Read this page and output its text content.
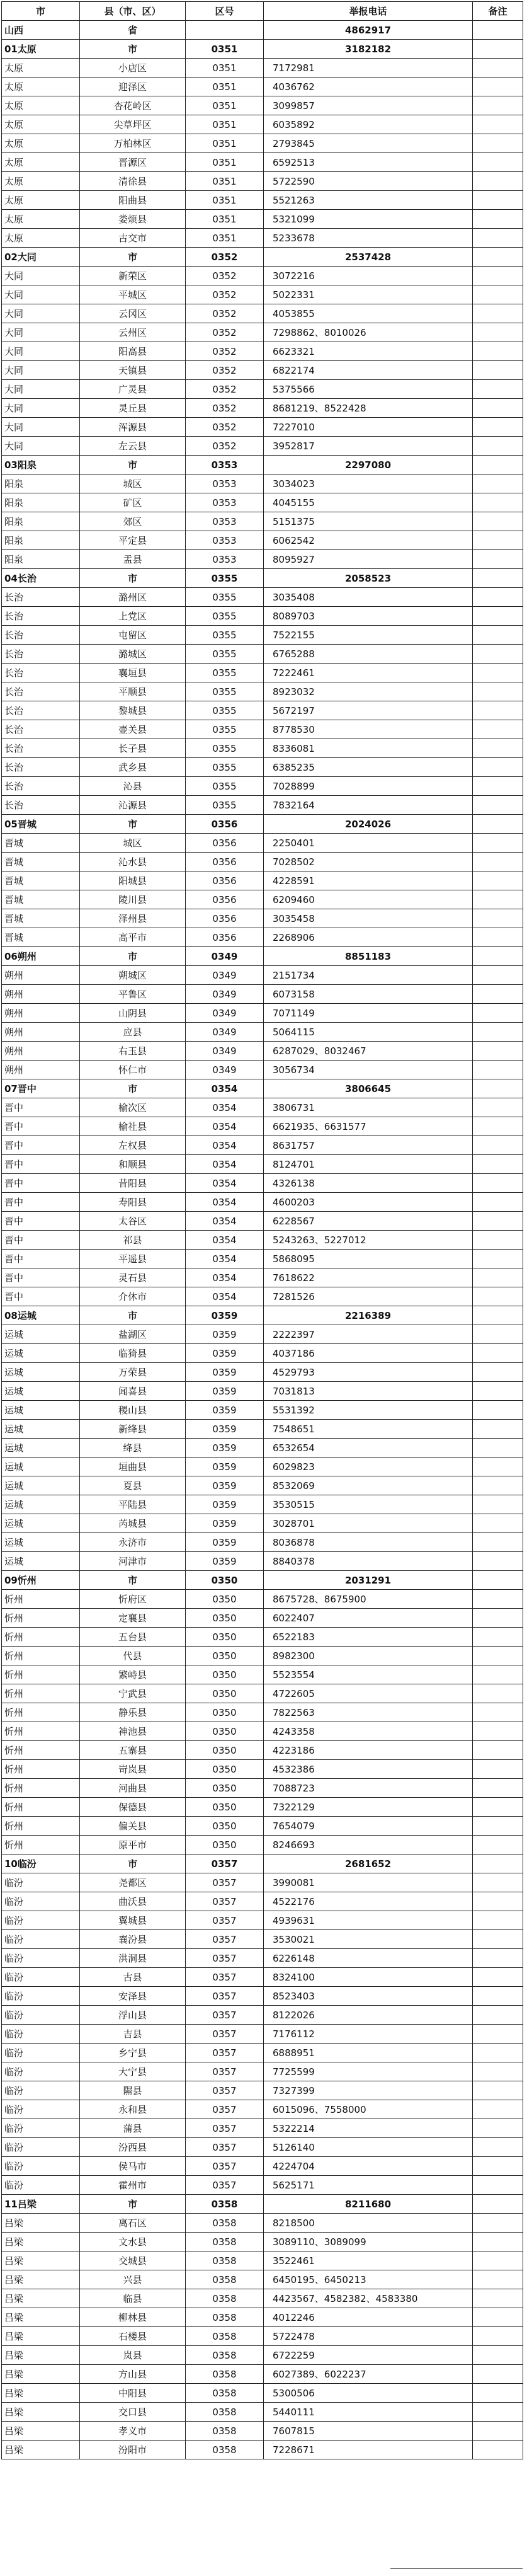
市	县（市、区）	区号	举报电话	备注
山西	省		4862917	
01太原	市	0351	3182182	
太原	小店区	0351	7172981	
太原	迎泽区	0351	4036762	
太原	杏花岭区	0351	3099857	
太原	尖草坪区	0351	6035892	
太原	万柏林区	0351	2793845	
太原	晋源区	0351	6592513	
太原	清徐县	0351	5722590	
太原	阳曲县	0351	5521263	
太原	娄烦县	0351	5321099	
太原	古交市	0351	5233678	
02大同	市	0352	2537428	
大同	新荣区	0352	3072216	
大同	平城区	0352	5022331	
大同	云冈区	0352	4053855	
大同	云州区	0352	7298862、8010026	
大同	阳高县	0352	6623321	
大同	天镇县	0352	6822174	
大同	广灵县	0352	5375566	
大同	灵丘县	0352	8681219、8522428	
大同	浑源县	0352	7227010	
大同	左云县	0352	3952817	
03阳泉	市	0353	2297080	
阳泉	城区	0353	3034023	
阳泉	矿区	0353	4045155	
阳泉	郊区	0353	5151375	
阳泉	平定县	0353	6062542	
阳泉	盂县	0353	8095927	
04长治	市	0355	2058523	
长治	潞州区	0355	3035408	
长治	上党区	0355	8089703	
长治	屯留区	0355	7522155	
长治	潞城区	0355	6765288	
长治	襄垣县	0355	7222461	
长治	平顺县	0355	8923032	
长治	黎城县	0355	5672197	
长治	壶关县	0355	8778530	
长治	长子县	0355	8336081	
长治	武乡县	0355	6385235	
长治	沁县	0355	7028899	
长治	沁源县	0355	7832164	
05晋城	市	0356	2024026	
晋城	城区	0356	2250401	
晋城	沁水县	0356	7028502	
晋城	阳城县	0356	4228591	
晋城	陵川县	0356	6209460	
晋城	泽州县	0356	3035458	
晋城	高平市	0356	2268906	
06朔州	市	0349	8851183	
朔州	朔城区	0349	2151734	
朔州	平鲁区	0349	6073158	
朔州	山阴县	0349	7071149	
朔州	应县	0349	5064115	
朔州	右玉县	0349	6287029、8032467	
朔州	怀仁市	0349	3056734	
07晋中	市	0354	3806645	
晋中	榆次区	0354	3806731	
晋中	榆社县	0354	6621935、6631577	
晋中	左权县	0354	8631757	
晋中	和顺县	0354	8124701	
晋中	昔阳县	0354	4326138	
晋中	寿阳县	0354	4600203	
晋中	太谷区	0354	6228567	
晋中	祁县	0354	5243263、5227012	
晋中	平遥县	0354	5868095	
晋中	灵石县	0354	7618622	
晋中	介休市	0354	7281526	
08运城	市	0359	2216389	
运城	盐湖区	0359	2222397	
运城	临猗县	0359	4037186	
运城	万荣县	0359	4529793	
运城	闻喜县	0359	7031813	
运城	稷山县	0359	5531392	
运城	新绛县	0359	7548651	
运城	绛县	0359	6532654	
运城	垣曲县	0359	6029823	
运城	夏县	0359	8532069	
运城	平陆县	0359	3530515	
运城	芮城县	0359	3028701	
运城	永济市	0359	8036878	
运城	河津市	0359	8840378	
09忻州	市	0350	2031291	
忻州	忻府区	0350	8675728、8675900	
忻州	定襄县	0350	6022407	
忻州	五台县	0350	6522183	
忻州	代县	0350	8982300	
忻州	繁峙县	0350	5523554	
忻州	宁武县	0350	4722605	
忻州	静乐县	0350	7822563	
忻州	神池县	0350	4243358	
忻州	五寨县	0350	4223186	
忻州	岢岚县	0350	4532386	
忻州	河曲县	0350	7088723	
忻州	保德县	0350	7322129	
忻州	偏关县	0350	7654079	
忻州	原平市	0350	8246693	
10临汾	市	0357	2681652	
临汾	尧都区	0357	3990081	
临汾	曲沃县	0357	4522176	
临汾	翼城县	0357	4939631	
临汾	襄汾县	0357	3530021	
临汾	洪洞县	0357	6226148	
临汾	古县	0357	8324100	
临汾	安泽县	0357	8523403	
临汾	浮山县	0357	8122026	
临汾	吉县	0357	7176112	
临汾	乡宁县	0357	6888951	
临汾	大宁县	0357	7725599	
临汾	隰县	0357	7327399	
临汾	永和县	0357	6015096、7558000	
临汾	蒲县	0357	5322214	
临汾	汾西县	0357	5126140	
临汾	侯马市	0357	4224704	
临汾	霍州市	0357	5625171	
11吕梁	市	0358	8211680	
吕梁	离石区	0358	8218500	
吕梁	文水县	0358	3089110、3089099	
吕梁	交城县	0358	3522461	
吕梁	兴县	0358	6450195、6450213	
吕梁	临县	0358	4423567、4582382、4583380	
吕梁	柳林县	0358	4012246	
吕梁	石楼县	0358	5722478	
吕梁	岚县	0358	6722259	
吕梁	方山县	0358	6027389、6022237	
吕梁	中阳县	0358	5300506	
吕梁	交口县	0358	5440111	
吕梁	孝义市	0358	7607815	
吕梁	汾阳市	0358	7228671	
